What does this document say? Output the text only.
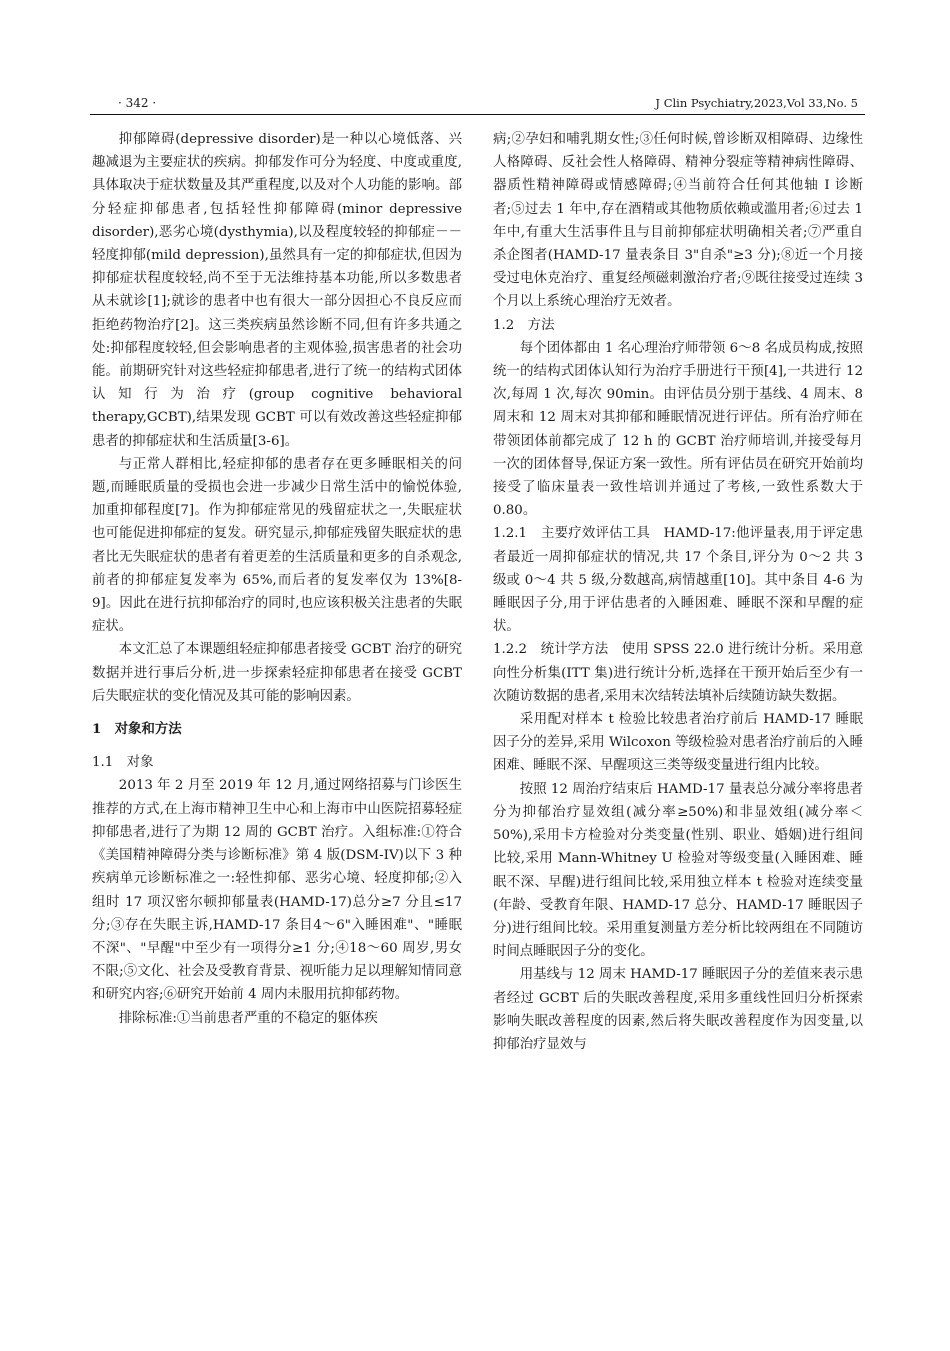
· 342 ·	J Clin Psychiatry,2023,Vol 33,No. 5

抑郁障碍(depressive disorder)是一种以心境低落、兴趣减退为主要症状的疾病。抑郁发作可分为轻度、中度或重度,具体取决于症状数量及其严重程度,以及对个人功能的影响。部分轻症抑郁患者,包括轻性抑郁障碍(minor depressive disorder),恶劣心境(dysthymia),以及程度较轻的抑郁症－－轻度抑郁(mild depression),虽然具有一定的抑郁症状,但因为抑郁症状程度较轻,尚不至于无法维持基本功能,所以多数患者从未就诊[1];就诊的患者中也有很大一部分因担心不良反应而拒绝药物治疗[2]。这三类疾病虽然诊断不同,但有许多共通之处:抑郁程度较轻,但会影响患者的主观体验,损害患者的社会功能。前期研究针对这些轻症抑郁患者,进行了统一的结构式团体认知行为治疗(group cognitive behavioral therapy,GCBT),结果发现 GCBT 可以有效改善这些轻症抑郁患者的抑郁症状和生活质量[3-6]。

与正常人群相比,轻症抑郁的患者存在更多睡眠相关的问题,而睡眠质量的受损也会进一步减少日常生活中的愉悦体验,加重抑郁程度[7]。作为抑郁症常见的残留症状之一,失眠症状也可能促进抑郁症的复发。研究显示,抑郁症残留失眠症状的患者比无失眠症状的患者有着更差的生活质量和更多的自杀观念,前者的抑郁症复发率为 65%,而后者的复发率仅为 13%[8-9]。因此在进行抗抑郁治疗的同时,也应该积极关注患者的失眠症状。

本文汇总了本课题组轻症抑郁患者接受 GCBT 治疗的研究数据并进行事后分析,进一步探索轻症抑郁患者在接受 GCBT 后失眠症状的变化情况及其可能的影响因素。

1　对象和方法

1.1　对象

2013 年 2 月至 2019 年 12 月,通过网络招募与门诊医生推荐的方式,在上海市精神卫生中心和上海市中山医院招募轻症抑郁患者,进行了为期 12 周的 GCBT 治疗。入组标准:①符合《美国精神障碍分类与诊断标准》第 4 版(DSM-IV)以下 3 种疾病单元诊断标准之一:轻性抑郁、恶劣心境、轻度抑郁;②入组时 17 项汉密尔顿抑郁量表(HAMD-17)总分≥7 分且≤17 分;③存在失眠主诉,HAMD-17 条目4～6"入睡困难"、"睡眠不深"、"早醒"中至少有一项得分≥1 分;④18～60 周岁,男女不限;⑤文化、社会及受教育背景、视听能力足以理解知情同意和研究内容;⑥研究开始前 4 周内未服用抗抑郁药物。

排除标准:①当前患者严重的不稳定的躯体疾

病;②孕妇和哺乳期女性;③任何时候,曾诊断双相障碍、边缘性人格障碍、反社会性人格障碍、精神分裂症等精神病性障碍、器质性精神障碍或情感障碍;④当前符合任何其他轴 I 诊断者;⑤过去 1 年中,存在酒精或其他物质依赖或滥用者;⑥过去 1 年中,有重大生活事件且与目前抑郁症状明确相关者;⑦严重自杀企图者(HAMD-17 量表条目 3"自杀"≥3 分);⑧近一个月接受过电休克治疗、重复经颅磁刺激治疗者;⑨既往接受过连续 3 个月以上系统心理治疗无效者。

1.2　方法

每个团体都由 1 名心理治疗师带领 6～8 名成员构成,按照统一的结构式团体认知行为治疗手册进行干预[4],一共进行 12 次,每周 1 次,每次 90min。由评估员分别于基线、4 周末、8 周末和 12 周末对其抑郁和睡眠情况进行评估。所有治疗师在带领团体前都完成了 12 h 的 GCBT 治疗师培训,并接受每月一次的团体督导,保证方案一致性。所有评估员在研究开始前均接受了临床量表一致性培训并通过了考核,一致性系数大于 0.80。

1.2.1　主要疗效评估工具　HAMD-17:他评量表,用于评定患者最近一周抑郁症状的情况,共 17 个条目,评分为 0～2 共 3 级或 0～4 共 5 级,分数越高,病情越重[10]。其中条目 4-6 为睡眠因子分,用于评估患者的入睡困难、睡眠不深和早醒的症状。

1.2.2　统计学方法　使用 SPSS 22.0 进行统计分析。采用意向性分析集(ITT 集)进行统计分析,选择在干预开始后至少有一次随访数据的患者,采用末次结转法填补后续随访缺失数据。

采用配对样本 t 检验比较患者治疗前后 HAMD-17 睡眠因子分的差异,采用 Wilcoxon 等级检验对患者治疗前后的入睡困难、睡眠不深、早醒项这三类等级变量进行组内比较。

按照 12 周治疗结束后 HAMD-17 量表总分减分率将患者分为抑郁治疗显效组(减分率≥50%)和非显效组(减分率＜50%),采用卡方检验对分类变量(性别、职业、婚姻)进行组间比较,采用 Mann-Whitney U 检验对等级变量(入睡困难、睡眠不深、早醒)进行组间比较,采用独立样本 t 检验对连续变量(年龄、受教育年限、HAMD-17 总分、HAMD-17 睡眠因子分)进行组间比较。采用重复测量方差分析比较两组在不同随访时间点睡眠因子分的变化。

用基线与 12 周末 HAMD-17 睡眠因子分的差值来表示患者经过 GCBT 后的失眠改善程度,采用多重线性回归分析探索影响失眠改善程度的因素,然后将失眠改善程度作为因变量,以抑郁治疗显效与
